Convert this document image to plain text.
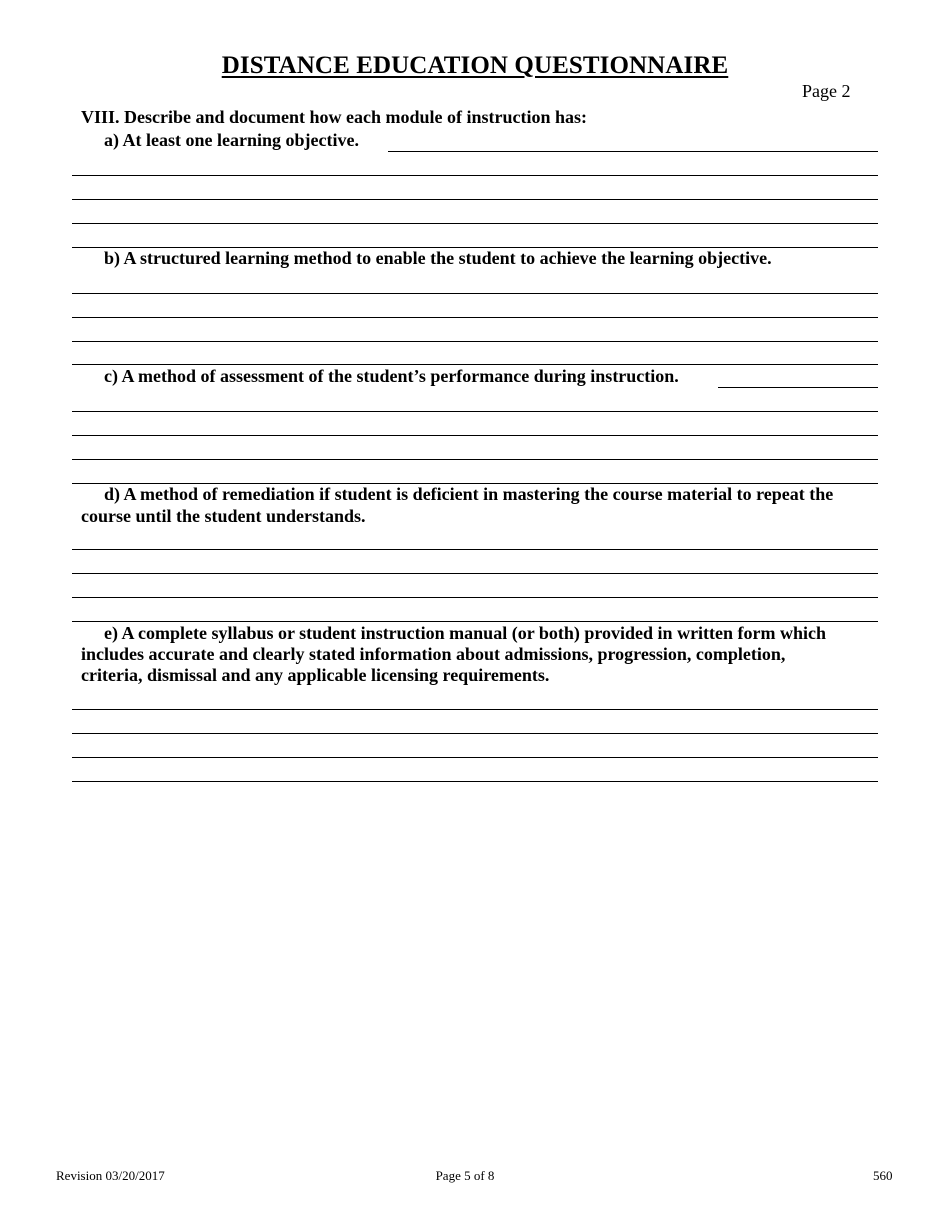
DISTANCE EDUCATION QUESTIONNAIRE
Page 2
VIII. Describe and document how each module of instruction has:
a) At least one learning objective.
b) A structured learning method to enable the student to achieve the learning objective.
c) A method of assessment of the student’s performance during instruction.
d) A method of remediation if student is deficient in mastering the course material to repeat the
course until the student understands.
e) A complete syllabus or student instruction manual (or both) provided in written form which
includes accurate and clearly stated information about admissions, progression, completion,
criteria, dismissal and any applicable licensing requirements.
Revision 03/20/2017	Page 5 of 8	560
